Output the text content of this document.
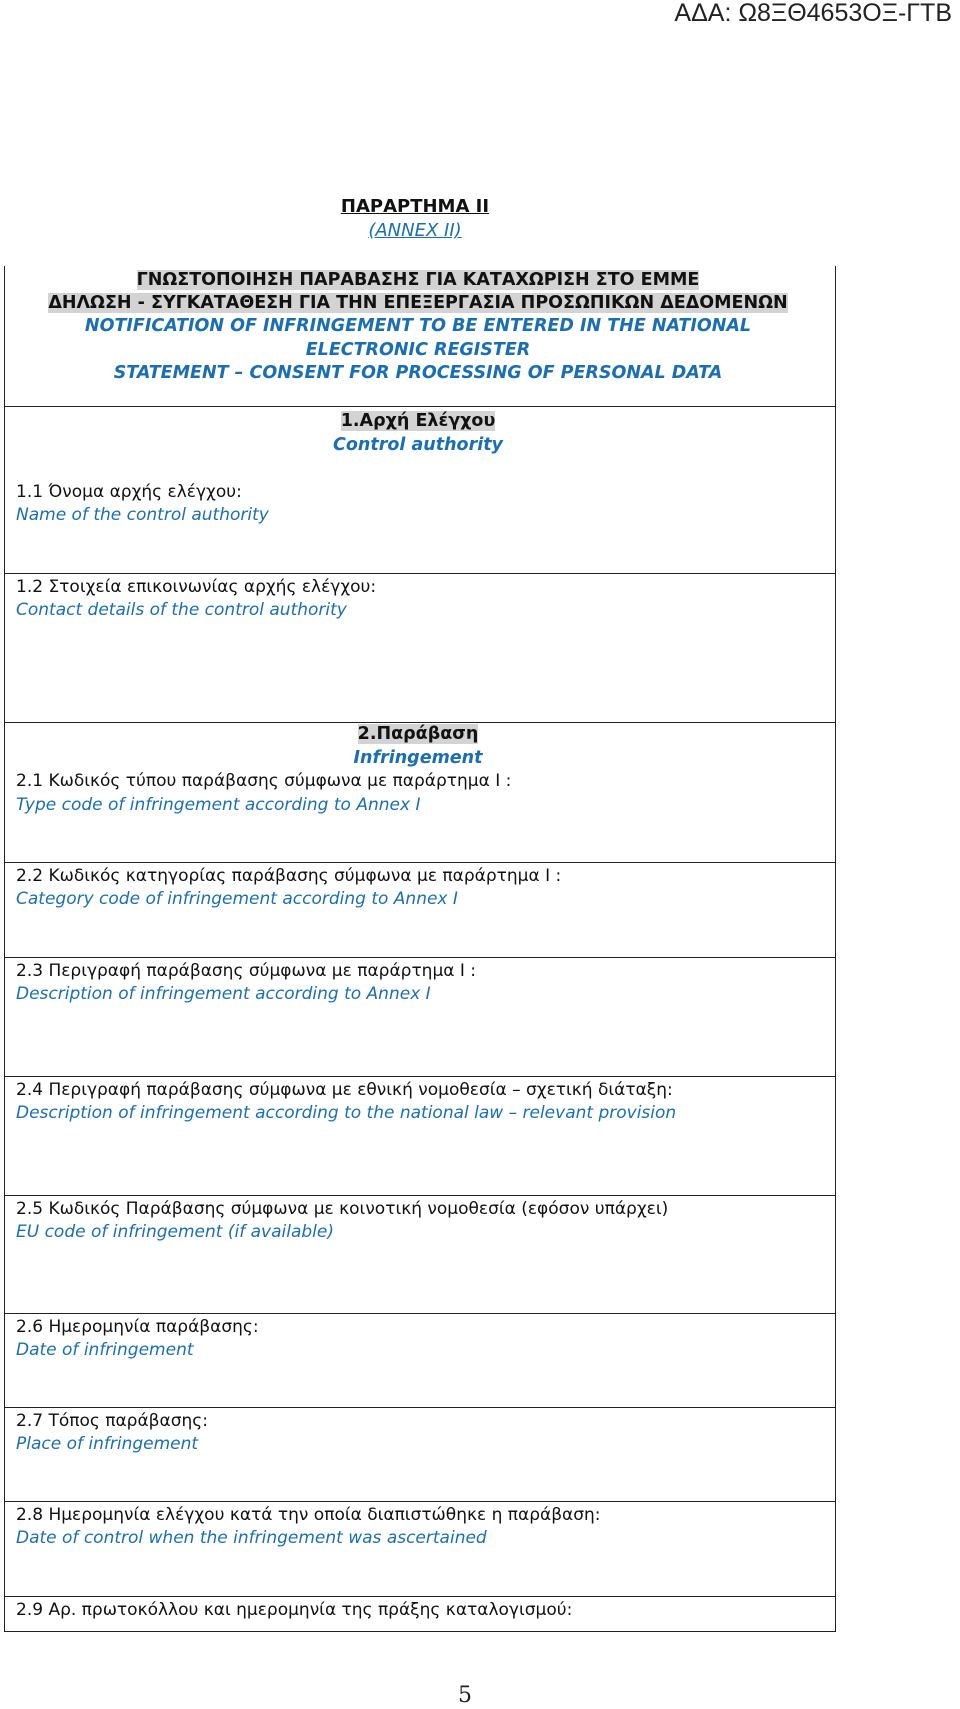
ΑΔΑ: Ω8ΞΘ4653ΟΞ-ΓΤΒ
ΠΑΡΑΡΤΗΜΑ ΙΙ
(ANNEX II)
ΓΝΩΣΤΟΠΟΙΗΣΗ ΠΑΡΑΒΑΣΗΣ ΓΙΑ ΚΑΤΑΧΩΡΙΣΗ ΣΤΟ ΕΜΜΕ
ΔΗΛΩΣΗ - ΣΥΓΚΑΤΑΘΕΣΗ ΓΙΑ ΤΗΝ ΕΠΕΞΕΡΓΑΣΙΑ ΠΡΟΣΩΠΙΚΩΝ ΔΕΔΟΜΕΝΩΝ
NOTIFICATION OF INFRINGEMENT TO BE ENTERED IN THE NATIONAL
ELECTRONIC REGISTER
STATEMENT – CONSENT FOR PROCESSING OF PERSONAL DATA
1.Αρχή Ελέγχου
Control authority
1.1 Όνομα αρχής ελέγχου:
Name of the control authority
1.2 Στοιχεία επικοινωνίας αρχής ελέγχου:
Contact details of the control authority
2.Παράβαση
Infringement
2.1 Κωδικός τύπου παράβασης σύμφωνα με παράρτημα Ι :
Type code of infringement according to Annex I
2.2 Κωδικός κατηγορίας παράβασης σύμφωνα με παράρτημα Ι :
Category code of infringement according to Annex I
2.3 Περιγραφή παράβασης σύμφωνα με παράρτημα Ι :
Description of infringement according to Annex I
2.4 Περιγραφή παράβασης σύμφωνα με εθνική νομοθεσία – σχετική διάταξη:
Description of infringement according to the national law – relevant provision
2.5 Κωδικός Παράβασης σύμφωνα με κοινοτική νομοθεσία (εφόσον υπάρχει)
EU code of infringement (if available)
2.6 Ημερομηνία παράβασης:
Date of infringement
2.7 Τόπος παράβασης:
Place of infringement
2.8 Ημερομηνία ελέγχου κατά την οποία διαπιστώθηκε η παράβαση:
Date of control when the infringement was ascertained
2.9 Αρ. πρωτοκόλλου και ημερομηνία της πράξης καταλογισμού:
5
